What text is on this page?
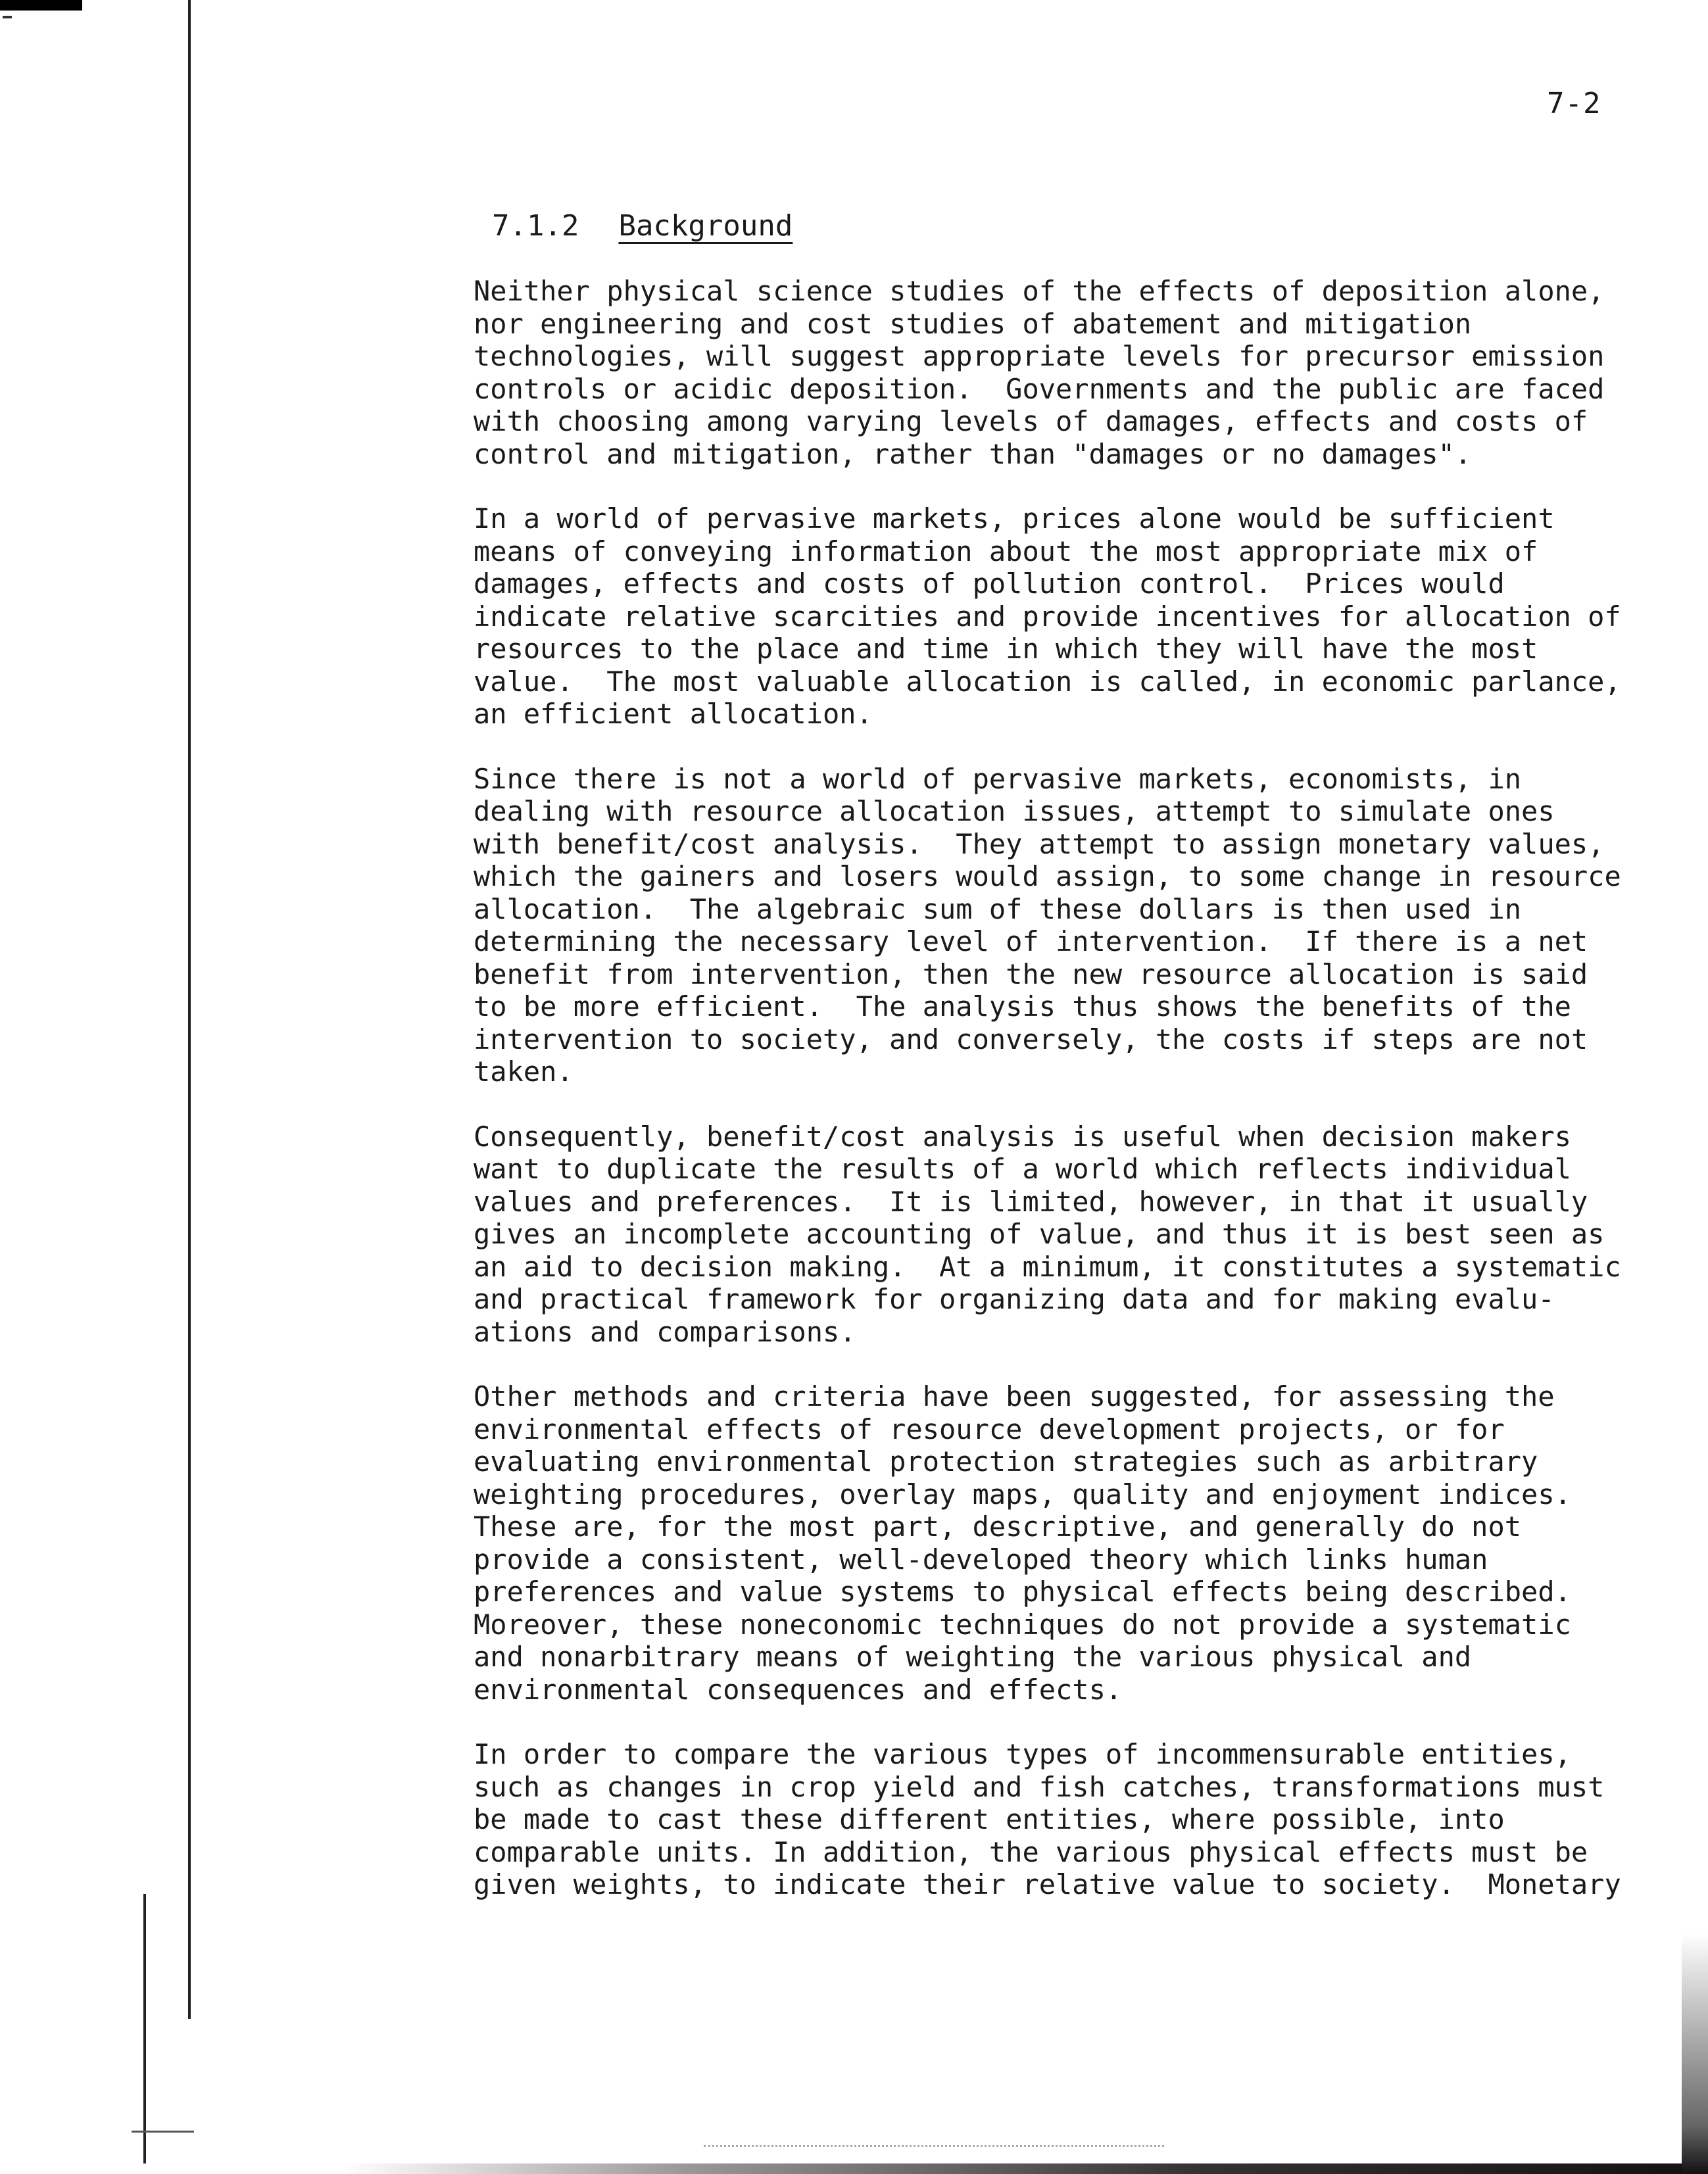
7-2
7.1.2 Background

Neither physical science studies of the effects of deposition alone,
nor engineering and cost studies of abatement and mitigation
technologies, will suggest appropriate levels for precursor emission
controls or acidic deposition.  Governments and the public are faced
with choosing among varying levels of damages, effects and costs of
control and mitigation, rather than "damages or no damages".

In a world of pervasive markets, prices alone would be sufficient
means of conveying information about the most appropriate mix of
damages, effects and costs of pollution control.  Prices would
indicate relative scarcities and provide incentives for allocation of
resources to the place and time in which they will have the most
value.  The most valuable allocation is called, in economic parlance,
an efficient allocation.

Since there is not a world of pervasive markets, economists, in
dealing with resource allocation issues, attempt to simulate ones
with benefit/cost analysis.  They attempt to assign monetary values,
which the gainers and losers would assign, to some change in resource
allocation.  The algebraic sum of these dollars is then used in
determining the necessary level of intervention.  If there is a net
benefit from intervention, then the new resource allocation is said
to be more efficient.  The analysis thus shows the benefits of the
intervention to society, and conversely, the costs if steps are not
taken.

Consequently, benefit/cost analysis is useful when decision makers
want to duplicate the results of a world which reflects individual
values and preferences.  It is limited, however, in that it usually
gives an incomplete accounting of value, and thus it is best seen as
an aid to decision making.  At a minimum, it constitutes a systematic
and practical framework for organizing data and for making evalu-
ations and comparisons.

Other methods and criteria have been suggested, for assessing the
environmental effects of resource development projects, or for
evaluating environmental protection strategies such as arbitrary
weighting procedures, overlay maps, quality and enjoyment indices.
These are, for the most part, descriptive, and generally do not
provide a consistent, well-developed theory which links human
preferences and value systems to physical effects being described.
Moreover, these noneconomic techniques do not provide a systematic
and nonarbitrary means of weighting the various physical and
environmental consequences and effects.

In order to compare the various types of incommensurable entities,
such as changes in crop yield and fish catches, transformations must
be made to cast these different entities, where possible, into
comparable units. In addition, the various physical effects must be
given weights, to indicate their relative value to society.  Monetary
